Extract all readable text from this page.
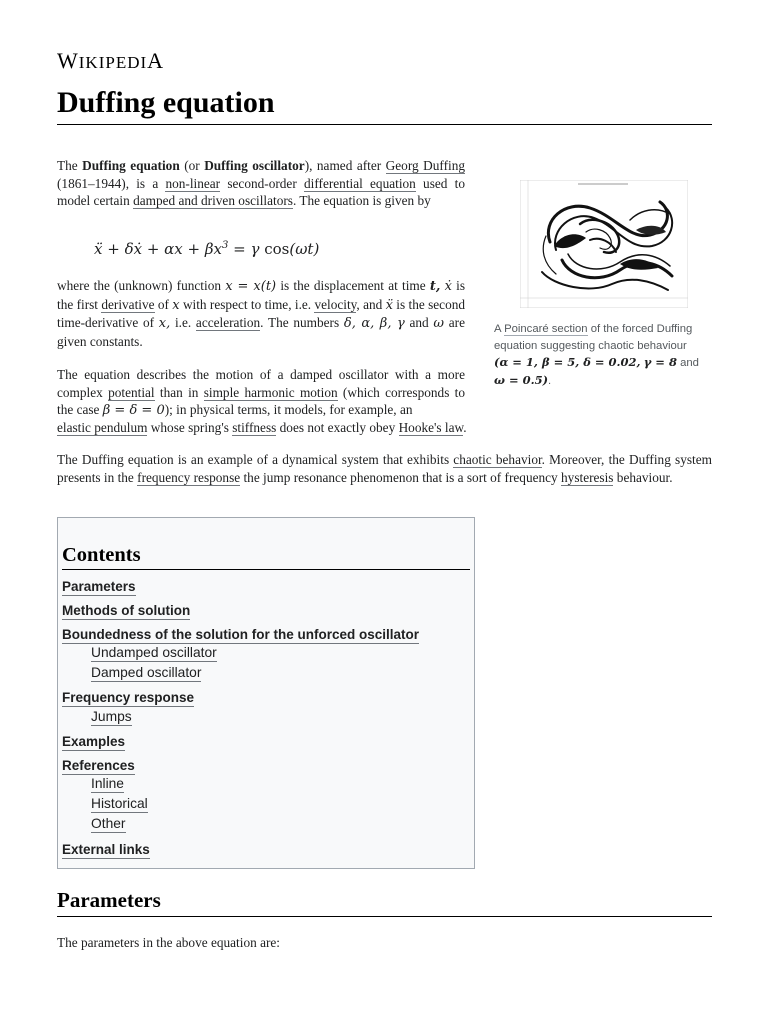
WIKIPEDIA
Duffing equation

The Duffing equation (or Duffing oscillator), named after Georg Duffing (1861–1944), is a non-linear second-order differential equation used to model certain damped and driven oscillators. The equation is given by

ẍ + δẋ + $\alpha x + \beta x^3 = \gamma$ cos(ωt)

where the (unknown) function x = x(t) is the displacement at time t, ẋ is the first derivative of x with respect to time, i.e. velocity, and ẍ is the second time-derivative of x, i.e. acceleration. The numbers δ, α, β, γ and ω are given constants.

The equation describes the motion of a damped oscillator with a more complex potential than in simple harmonic motion (which corresponds to the case β = δ = 0); in physical terms, it models, for example, an

elastic pendulum whose spring's stiffness does not exactly obey Hooke's law.

The Duffing equation is an example of a dynamical system that exhibits chaotic behavior. Moreover, the Duffing system presents in the frequency response the jump resonance phenomenon that is a sort of frequency hysteresis behaviour.

A Poincaré section of the forced Duffing equation suggesting chaotic behaviour (α = 1, β = 5, δ = 0.02, γ = 8 and ω = 0.5).

Contents
Parameters
Methods of solution
Boundedness of the solution for the unforced oscillator
Undamped oscillator
Damped oscillator
Frequency response
Jumps
Examples
References
Inline
Historical
Other
External links
Parameters

The parameters in the above equation are:
